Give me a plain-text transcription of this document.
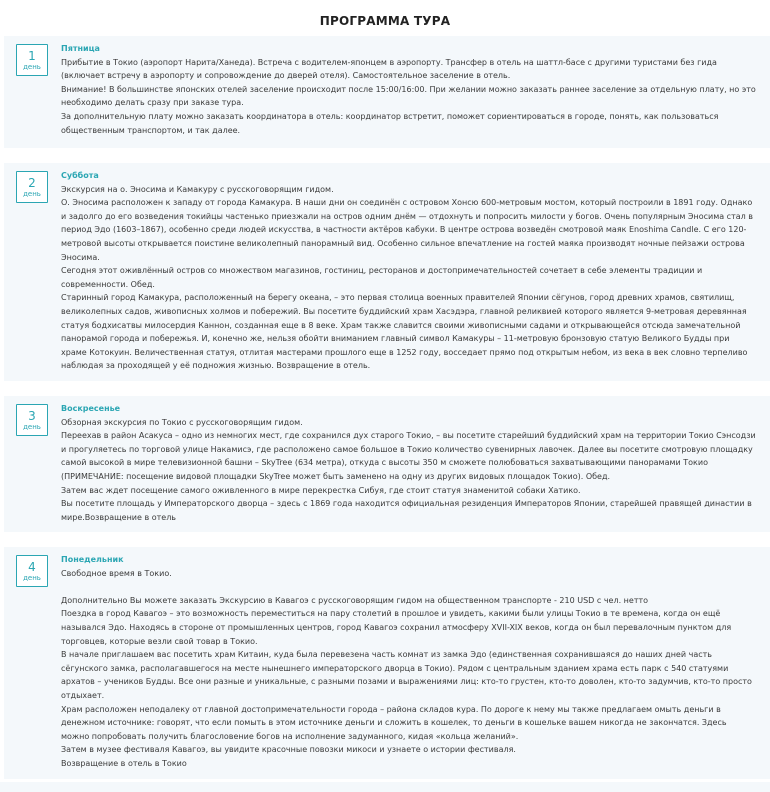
ПРОГРАММА ТУРА
1
день
Пятница

Прибытие в Токио (аэропорт Нарита/Ханеда). Встреча с водителем-японцем в аэропорту. Трансфер в отель на шаттл-басе с другими туристами без гида (включает встречу в аэропорту и сопровождение до дверей отеля). Самостоятельное заселение в отель.

Внимание! В большинстве японских отелей заселение происходит после 15:00/16:00. При желании можно заказать раннее заселение за отдельную плату, но это необходимо делать сразу при заказе тура.

За дополнительную плату можно заказать координатора в отель: координатор встретит, поможет сориентироваться в городе, понять, как пользоваться общественным транспортом, и так далее.

2
день
Суббота

Экскурсия на о. Эносима и Камакуру с русскоговорящим гидом.

О. Эносима расположен к западу от города Камакура. В наши дни он соединён с островом Хонсю 600-метровым мостом, который построили в 1891 году. Однако и задолго до его возведения токийцы частенько приезжали на остров одним днём — отдохнуть и попросить милости у богов. Очень популярным Эносима стал в период Эдо (1603–1867), особенно среди людей искусства, в частности актёров кабуки. В центре острова возведён смотровой маяк Enoshima Candle. С его 120-метровой высоты открывается поистине великолепный панорамный вид. Особенно сильное впечатление на гостей маяка производят ночные пейзажи острова Эносима.

Сегодня этот оживлённый остров со множеством магазинов, гостиниц, ресторанов и достопримечательностей сочетает в себе элементы традиции и современности. Обед.

Старинный город Камакура, расположенный на берегу океана, – это первая столица военных правителей Японии сёгунов, город древних храмов, святилищ, великолепных садов, живописных холмов и побережий. Вы посетите буддийский храм Хасэдэра, главной реликвией которого является 9-метровая деревянная статуя бодхисатвы милосердия Каннон, созданная еще в 8 веке. Храм также славится своими живописными садами и открывающейся отсюда замечательной панорамой города и побережья. И, конечно же, нельзя обойти вниманием главный символ Камакуры – 11-метровую бронзовую статую Великого Будды при храме Котокуин. Величественная статуя, отлитая мастерами прошлого еще в 1252 году, восседает прямо под открытым небом, из века в век словно терпеливо наблюдая за проходящей у её подножия жизнью. Возвращение в отель.

3
день
Воскресенье

Обзорная экскурсия по Токио с русскоговорящим гидом.

Переехав в район Асакуса – одно из немногих мест, где сохранился дух старого Токио, – вы посетите старейший буддийский храм на территории Токио Сэнсодзи и прогуляетесь по торговой улице Накамисэ, где расположено самое большое в Токио количество сувенирных лавочек. Далее вы посетите смотровую площадку самой высокой в мире телевизионной башни – SkyTree (634 метра), откуда с высоты 350 м сможете полюбоваться захватывающими панорамами Токио (ПРИМЕЧАНИЕ: посещение видовой площадки SkyTree может быть заменено на одну из других видовых площадок Токио). Обед.

Затем вас ждет посещение самого оживленного в мире перекрестка Сибуя, где стоит статуя знаменитой собаки Хатико.

Вы посетите площадь у Императорского дворца – здесь с 1869 года находится официальная резиденция Императоров Японии, старейшей правящей династии в мире.Возвращение в отель

4
день
Понедельник

Свободное время в Токио.

Дополнительно Вы можете заказать Экскурсию в Кавагоэ с русскоговорящим гидом на общественном транспорте - 210 USD с чел. нетто

Поездка в город Кавагоэ – это возможность переместиться на пару столетий в прошлое и увидеть, какими были улицы Токио в те времена, когда он ещё назывался Эдо. Находясь в стороне от промышленных центров, город Кавагоэ сохранил атмосферу XVII-XIX веков, когда он был перевалочным пунктом для торговцев, которые везли свой товар в Токио.

В начале приглашаем вас посетить храм Китаин, куда была перевезена часть комнат из замка Эдо (единственная сохранившаяся до наших дней часть сёгунского замка, располагавшегося на месте нынешнего императорского дворца в Токио). Рядом с центральным зданием храма есть парк с 540 статуями архатов – учеников Будды. Все они разные и уникальные, с разными позами и выражениями лиц: кто-то грустен, кто-то доволен, кто-то задумчив, кто-то просто отдыхает.

Храм расположен неподалеку от главной достопримечательности города – района складов кура. По дороге к нему мы также предлагаем омыть деньги в денежном источнике: говорят, что если помыть в этом источнике деньги и сложить в кошелек, то деньги в кошельке вашем никогда не закончатся. Здесь можно попробовать получить благословение богов на исполнение задуманного, кидая «кольца желаний».

Затем в музее фестиваля Кавагоэ, вы увидите красочные повозки микоси и узнаете о истории фестиваля.

Возвращение в отель в Токио
